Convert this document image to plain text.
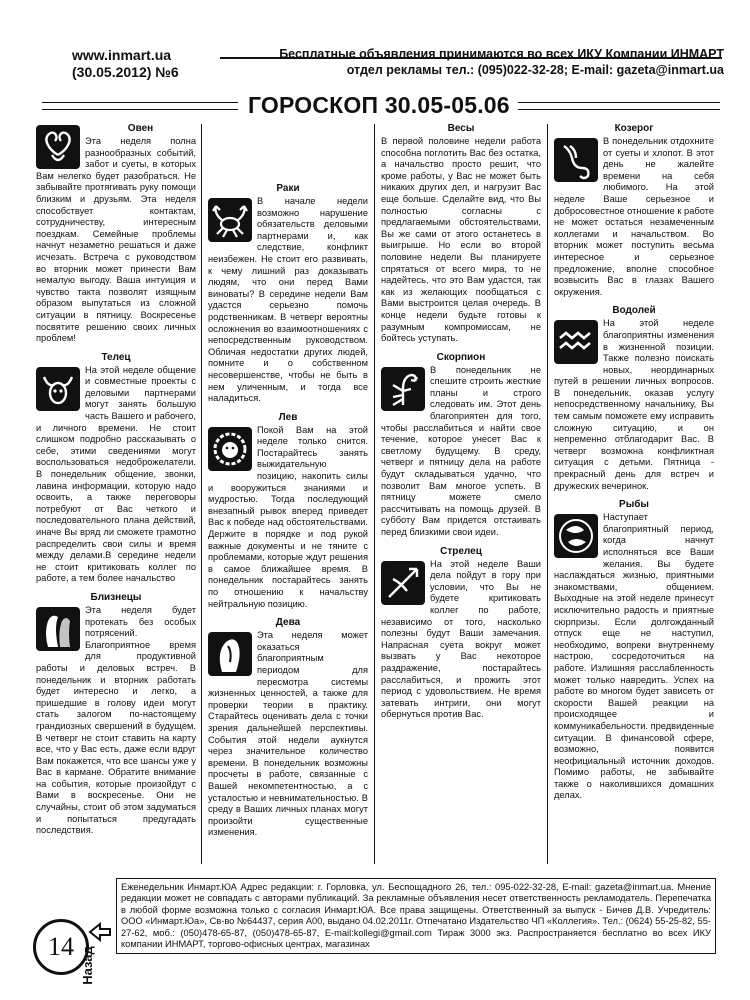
www.inmart.ua
(30.05.2012) №6
Бесплатные объявления принимаются во всех ИКУ Компании ИНМАРТ
отдел рекламы тел.: (095)022-32-28; E-mail: gazeta@inmart.ua
ГОРОСКОП 30.05-05.06
Овен

Эта неделя полна разнообразных событий, забот и суеты, в которых Вам нелегко будет разобраться. Не забывайте протягивать руку помощи близким и друзьям. Эта неделя способствует контактам, сотрудничеству, интересным поездкам. Семейные проблемы начнут незаметно решаться и даже исчезать. Встреча с руководством во вторник может принести Вам немалую выгоду. Ваша интуиция и чувство такта позволят изящным образом выпутаться из сложной ситуации в пятницу. Воскресенье посвятите решению своих личных проблем!

Телец

На этой неделе общение и совместные проекты с деловыми партнерами могут занять большую часть Вашего и рабочего, и личного времени. Не стоит слишком подробно рассказывать о себе, этими сведениями могут воспользоваться недоброжелатели. В понедельник общение, звонки, лавина информации, которую надо освоить, а также переговоры потребуют от Вас четкого и последовательного плана действий, иначе Вы вряд ли сможете грамотно распределить свои силы и время между делами.В середине недели не стоит критиковать коллег по работе, а тем более начальство

Близнецы

Эта неделя будет протекать без особых потрясений. Благоприятное время для продуктивной работы и деловых встреч. В понедельник и вторник работать будет интересно и легко, а пришедшие в голову идеи могут стать залогом по-настоящему грандиозных свершений в будущем. В четверг не стоит ставить на карту все, что у Вас есть, даже если вдруг Вам покажется, что все шансы уже у Вас в кармане. Обратите внимание на события, которые произойдут с Вами в воскресенье. Они не случайны, стоит об этом задуматься и попытаться предугадать последствия.

Раки

В начале недели возможно нарушение обязательств деловыми партнерами и, как следствие, конфликт неизбежен. Не стоит его развивать, к чему лишний раз доказывать людям, что они перед Вами виноваты? В середине недели Вам удастся серьезно помочь родственникам. В четверг вероятны осложнения во взаимоотношениях с непосредственным руководством. Обличая недостатки других людей, помните и о собственном несовершенстве, чтобы не быть в нем уличенным, и тогда все наладиться.

Лев

Покой Вам на этой неделе только снится. Постарайтесь занять выжидательную позицию, накопить силы и вооружиться знаниями и мудростью. Тогда последующий внезапный рывок вперед приведет Вас к победе над обстоятельствами. Держите в порядке и под рукой важные документы и не тяните с проблемами, которые ждут решения в самое ближайшее время. В понедельник постарайтесь занять по отношению к начальству нейтральную позицию.

Дева

Эта неделя может оказаться благоприятным периодом для пересмотра системы жизненных ценностей, а также для проверки теории в практику. Старайтесь оценивать дела с точки зрения дальнейшей перспективы. События этой недели аукнутся через значительное количество времени. В понедельник возможны просчеты в работе, связанные с Вашей некомпетентностью, а с усталостью и невнимательностью. В среду в Ваших личных планах могут произойти существенные изменения.

Весы

В первой половине недели работа способна поглотить Вас без остатка, а начальство просто решит, что кроме работы, у Вас не может быть никаких других дел, и нагрузит Вас еще больше. Сделайте вид, что Вы полностью согласны с предлагаемыми обстоятельствами, Вы же сами от этого останетесь в выигрыше. Но если во второй половине недели Вы планируете спрятаться от всего мира, то не надейтесь, что это Вам удастся, так как из желающих пообщаться с Вами выстроится целая очередь. В конце недели будьте готовы к разумным компромиссам, не бойтесь уступать.

Скорпион

В понедельник не спешите строить жесткие планы и строго следовать им. Этот день благоприятен для того, чтобы расслабиться и найти свое течение, которое унесет Вас к светлому будущему. В среду, четверг и пятницу дела на работе будут складываться удачно, что позволит Вам многое успеть. В пятницу можете смело рассчитывать на помощь друзей. В субботу Вам придется отстаивать перед близкими свои идеи.

Стрелец

На этой неделе Ваши дела пойдут в гору при условии, что Вы не будете критиковать коллег по работе, независимо от того, насколько полезны будут Ваши замечания. Напрасная суета вокруг может вызвать у Вас некоторое раздражение, постарайтесь расслабиться, и прожить этот период с удовольствием. Не время затевать интриги, они могут обернуться против Вас.

Козерог

В понедельник отдохните от суеты и хлопот. В этот день не жалейте времени на себя любимого. На этой неделе Ваше серьезное и добросовестное отношение к работе не может остаться незамеченным коллегами и начальством. Во вторник может поступить весьма интересное и серьезное предложение, вполне способное возвысить Вас в глазах Вашего окружения.

Водолей

На этой неделе благоприятны изменения в жизненной позиции. Также полезно поискать новых, неординарных путей в решении личных вопросов. В понедельник, оказав услугу непосредственному начальнику, Вы тем самым поможете ему исправить сложную ситуацию, и он непременно отблагодарит Вас. В четверг возможна конфликтная ситуация с детьми. Пятница - прекрасный день для встреч и дружеских вечеринок.

Рыбы

Наступает благоприятный период, когда начнут исполняться все Ваши желания. Вы будете наслаждаться жизнью, приятными знакомствами, общением. Выходные на этой неделе принесут исключительно радость и приятные сюрпризы. Если долгожданный отпуск еще не наступил, необходимо, вопреки внутреннему настрою, сосредоточиться на работе. Излишняя расслабленность может только навредить. Успех на работе во многом будет зависеть от скорости Вашей реакции на происходящее и коммуникабельности. предвиденные ситуации. В финансовой сфере, возможно, появится неофициальный источник доходов. Помимо работы, не забывайте также о наколившихся домашних делах.

14 Назад

Еженедельник Инмарт.ЮА Адрес редакции: г. Горловка, ул. Беспощадного 26, тел.: 095-022-32-28, E-mail: gazeta@inmart.ua. Мнение редакции может не совпадать с авторами публикаций. За рекламные объявления несет ответственность рекламодатель. Перепечатка в любой форме возможна только с согласия Инмарт.ЮА. Все права защищены. Ответственный за выпуск - Бичев Д.В. Учредитель: ООО «Инмарт.Юа», Св-во №64437, серия А00, выдано 04.02.2011г. Отпечатано Издательство ЧП «Коллегия». Тел.: (0624) 55-25-82, 55-27-62, моб.: (050)478-65-87, (050)478-65-87, E-mail:kollegi@gmail.com Тираж 3000 экз. Распространяется бесплатно во всех ИКУ компании ИНМАРТ, торгово-офисных центрах, магазинах
